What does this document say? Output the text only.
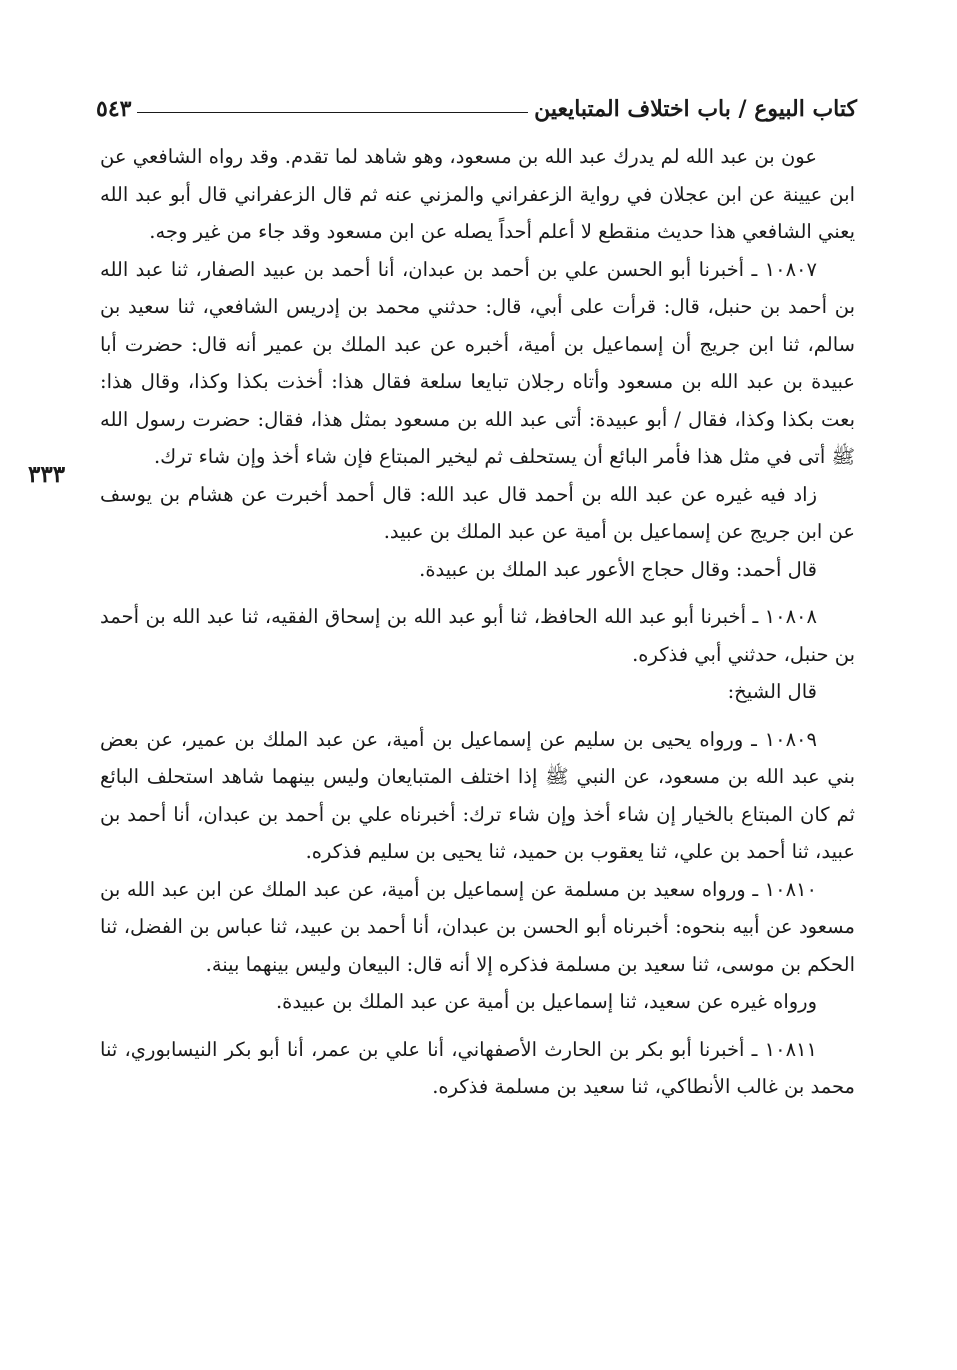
كتاب البيوع / باب اختلاف المتبايعين
٥٤٣
٣٣٣

عون بن عبد الله لم يدرك عبد الله بن مسعود، وهو شاهد لما تقدم. وقد رواه الشافعي عن ابن عيينة عن ابن عجلان في رواية الزعفراني والمزني عنه ثم قال الزعفراني قال أبو عبد الله يعني الشافعي هذا حديث منقطع لا أعلم أحداً يصله عن ابن مسعود وقد جاء من غير وجه.

١٠٨٠٧ ـ أخبرنا أبو الحسن علي بن أحمد بن عبدان، أنا أحمد بن عبيد الصفار، ثنا عبد الله بن أحمد بن حنبل، قال: قرأت على أبي، قال: حدثني محمد بن إدريس الشافعي، ثنا سعيد بن سالم، ثنا ابن جريج أن إسماعيل بن أمية، أخبره عن عبد الملك بن عمير أنه قال: حضرت أبا عبيدة بن عبد الله بن مسعود وأتاه رجلان تبايعا سلعة فقال هذا: أخذت بكذا وكذا، وقال هذا: بعت بكذا وكذا، فقال / أبو عبيدة: أتى عبد الله بن مسعود بمثل هذا، فقال: حضرت رسول الله ﷺ أتى في مثل هذا فأمر البائع أن يستحلف ثم ليخير المبتاع فإن شاء أخذ وإن شاء ترك.

زاد فيه غيره عن عبد الله بن أحمد قال عبد الله: قال أحمد أخبرت عن هشام بن يوسف عن ابن جريج عن إسماعيل بن أمية عن عبد الملك بن عبيد.

قال أحمد: وقال حجاج الأعور عبد الملك بن عبيدة.

١٠٨٠٨ ـ أخبرنا أبو عبد الله الحافظ، ثنا أبو عبد الله بن إسحاق الفقيه، ثنا عبد الله بن أحمد بن حنبل، حدثني أبي فذكره.

قال الشيخ:

١٠٨٠٩ ـ ورواه يحيى بن سليم عن إسماعيل بن أمية، عن عبد الملك بن عمير، عن بعض بني عبد الله بن مسعود، عن النبي ﷺ إذا اختلف المتبايعان وليس بينهما شاهد استحلف البائع ثم كان المبتاع بالخيار إن شاء أخذ وإن شاء ترك: أخبرناه علي بن أحمد بن عبدان، أنا أحمد بن عبيد، ثنا أحمد بن علي، ثنا يعقوب بن حميد، ثنا يحيى بن سليم فذكره.

١٠٨١٠ ـ ورواه سعيد بن مسلمة عن إسماعيل بن أمية، عن عبد الملك عن ابن عبد الله بن مسعود عن أبيه بنحوه: أخبرناه أبو الحسن بن عبدان، أنا أحمد بن عبيد، ثنا عباس بن الفضل، ثنا الحكم بن موسى، ثنا سعيد بن مسلمة فذكره إلا أنه قال: البيعان وليس بينهما بينة.

ورواه غيره عن سعيد، ثنا إسماعيل بن أمية عن عبد الملك بن عبيدة.

١٠٨١١ ـ أخبرنا أبو بكر بن الحارث الأصفهاني، أنا علي بن عمر، أنا أبو بكر النيسابوري، ثنا محمد بن غالب الأنطاكي، ثنا سعيد بن مسلمة فذكره.
